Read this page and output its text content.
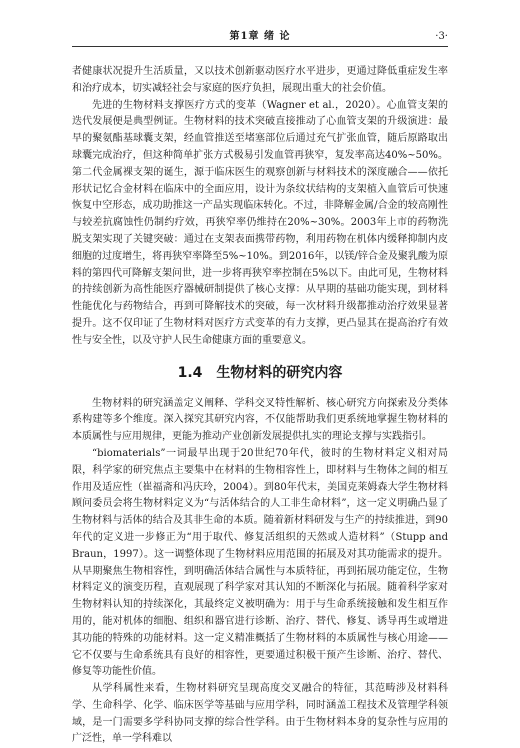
第1章 绪 论	·3·

者健康状况提升生活质量，又以技术创新驱动医疗水平进步，更通过降低重症发生率和治疗成本，切实减轻社会与家庭的医疗负担，展现出重大的社会价值。

先进的生物材料支撑医疗方式的变革（Wagner et al.，2020）。心血管支架的迭代发展便是典型例证。生物材料的技术突破直接推动了心血管支架的升级演进：最早的聚氨酯基球囊支架，经血管推送至堵塞部位后通过充气扩张血管，随后原路取出球囊完成治疗，但这种简单扩张方式极易引发血管再狭窄，复发率高达40%~50%。第二代金属裸支架的诞生，源于临床医生的观察创新与材料技术的深度融合——依托形状记忆合金材料在临床中的全面应用，设计为条纹状结构的支架植入血管后可快速恢复中空形态，成功助推这一产品实现临床转化。不过，非降解金属/合金的较高刚性与较差抗腐蚀性仍制约疗效，再狭窄率仍维持在20%~30%。2003年上市的药物洗脱支架实现了关键突破：通过在支架表面携带药物，利用药物在机体内缓释抑制内皮细胞的过度增生，将再狭窄率降至5%~10%。到2016年，以镁/锌合金及聚乳酸为原料的第四代可降解支架问世，进一步将再狭窄率控制在5%以下。由此可见，生物材料的持续创新为高性能医疗器械研制提供了核心支撑：从早期的基础功能实现，到材料性能优化与药物结合，再到可降解技术的突破，每一次材料升级都推动治疗效果显著提升。这不仅印证了生物材料对医疗方式变革的有力支撑，更凸显其在提高治疗有效性与安全性，以及守护人民生命健康方面的重要意义。

1.4 生物材料的研究内容

生物材料的研究涵盖定义阐释、学科交叉特性解析、核心研究方向探索及分类体系构建等多个维度。深入探究其研究内容，不仅能帮助我们更系统地掌握生物材料的本质属性与应用规律，更能为推动产业创新发展提供扎实的理论支撑与实践指引。

“biomaterials”一词最早出现于20世纪70年代，彼时的生物材料定义相对局限，科学家的研究焦点主要集中在材料的生物相容性上，即材料与生物体之间的相互作用及适应性（崔福斋和冯庆玲，2004）。到80年代末，美国克莱姆森大学生物材料顾问委员会将生物材料定义为“与活体结合的人工非生命材料”，这一定义明确凸显了生物材料与活体的结合及其非生命的本质。随着新材料研发与生产的持续推进，到90年代的定义进一步修正为“用于取代、修复活组织的天然或人造材料”（Stupp and Braun，1997）。这一调整体现了生物材料应用范围的拓展及对其功能需求的提升。从早期聚焦生物相容性，到明确活体结合属性与本质特征，再到拓展功能定位，生物材料定义的演变历程，直观展现了科学家对其认知的不断深化与拓展。随着科学家对生物材料认知的持续深化，其最终定义被明确为：用于与生命系统接触和发生相互作用的，能对机体的细胞、组织和器官进行诊断、治疗、替代、修复、诱导再生或增进其功能的特殊的功能材料。这一定义精准概括了生物材料的本质属性与核心用途——它不仅要与生命系统具有良好的相容性，更要通过积极干预产生诊断、治疗、替代、修复等功能性价值。

从学科属性来看，生物材料研究呈现高度交叉融合的特征，其范畴涉及材料科学、生命科学、化学、临床医学等基础与应用学科，同时涵盖工程技术及管理学科领域，是一门需要多学科协同支撑的综合性学科。由于生物材料本身的复杂性与应用的广泛性，单一学科难以
